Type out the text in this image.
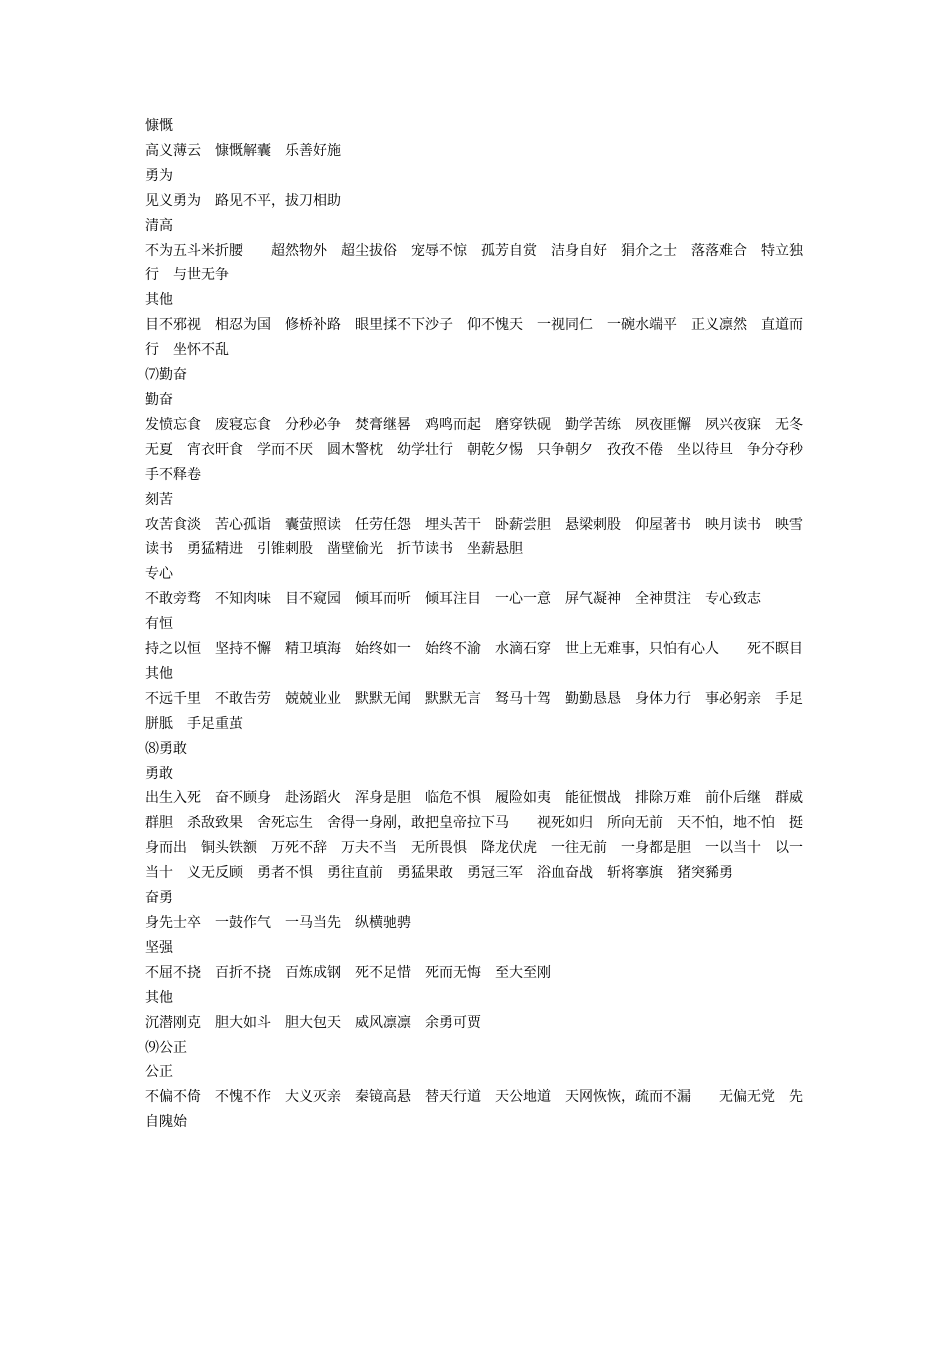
慷慨
高义薄云　慷慨解囊　乐善好施
勇为
见义勇为　路见不平，拔刀相助
清高
不为五斗米折腰　　超然物外　超尘拔俗　宠辱不惊　孤芳自赏　洁身自好　狷介之士　落落难合　特立独行　与世无争
其他
目不邪视　相忍为国　修桥补路　眼里揉不下沙子　仰不愧天　一视同仁　一碗水端平　正义凛然　直道而行　坐怀不乱
⑺勤奋
勤奋
发愤忘食　废寝忘食　分秒必争　焚膏继晷　鸡鸣而起　磨穿铁砚　勤学苦练　夙夜匪懈　夙兴夜寐　无冬无夏　宵衣旰食　学而不厌　圆木警枕　幼学壮行　朝乾夕惕　只争朝夕　孜孜不倦　坐以待旦　争分夺秒　手不释卷
刻苦
攻苦食淡　苦心孤诣　囊萤照读　任劳任怨　埋头苦干　卧薪尝胆　悬梁刺股　仰屋著书　映月读书　映雪读书　勇猛精进　引锥刺股　凿壁偷光　折节读书　坐薪悬胆
专心
不敢旁骛　不知肉味　目不窥园　倾耳而听　倾耳注目　一心一意　屏气凝神　全神贯注　专心致志
有恒
持之以恒　坚持不懈　精卫填海　始终如一　始终不渝　水滴石穿　世上无难事，只怕有心人　　死不瞑目
其他
不远千里　不敢告劳　兢兢业业　默默无闻　默默无言　驽马十驾　勤勤恳恳　身体力行　事必躬亲　手足胼胝　手足重茧
⑻勇敢
勇敢
出生入死　奋不顾身　赴汤蹈火　浑身是胆　临危不惧　履险如夷　能征惯战　排除万难　前仆后继　群威群胆　杀敌致果　舍死忘生　舍得一身剐，敢把皇帝拉下马　　视死如归　所向无前　天不怕，地不怕　挺身而出　铜头铁额　万死不辞　万夫不当　无所畏惧　降龙伏虎　一往无前　一身都是胆　一以当十　以一当十　义无反顾　勇者不惧　勇往直前　勇猛果敢　勇冠三军　浴血奋战　斩将搴旗　猪突豨勇
奋勇
身先士卒　一鼓作气　一马当先　纵横驰骋
坚强
不屈不挠　百折不挠　百炼成钢　死不足惜　死而无悔　至大至刚
其他
沉潜刚克　胆大如斗　胆大包天　威风凛凛　余勇可贾
⑼公正
公正
不偏不倚　不愧不作　大义灭亲　秦镜高悬　替天行道　天公地道　天网恢恢，疏而不漏　　无偏无党　先自隗始
